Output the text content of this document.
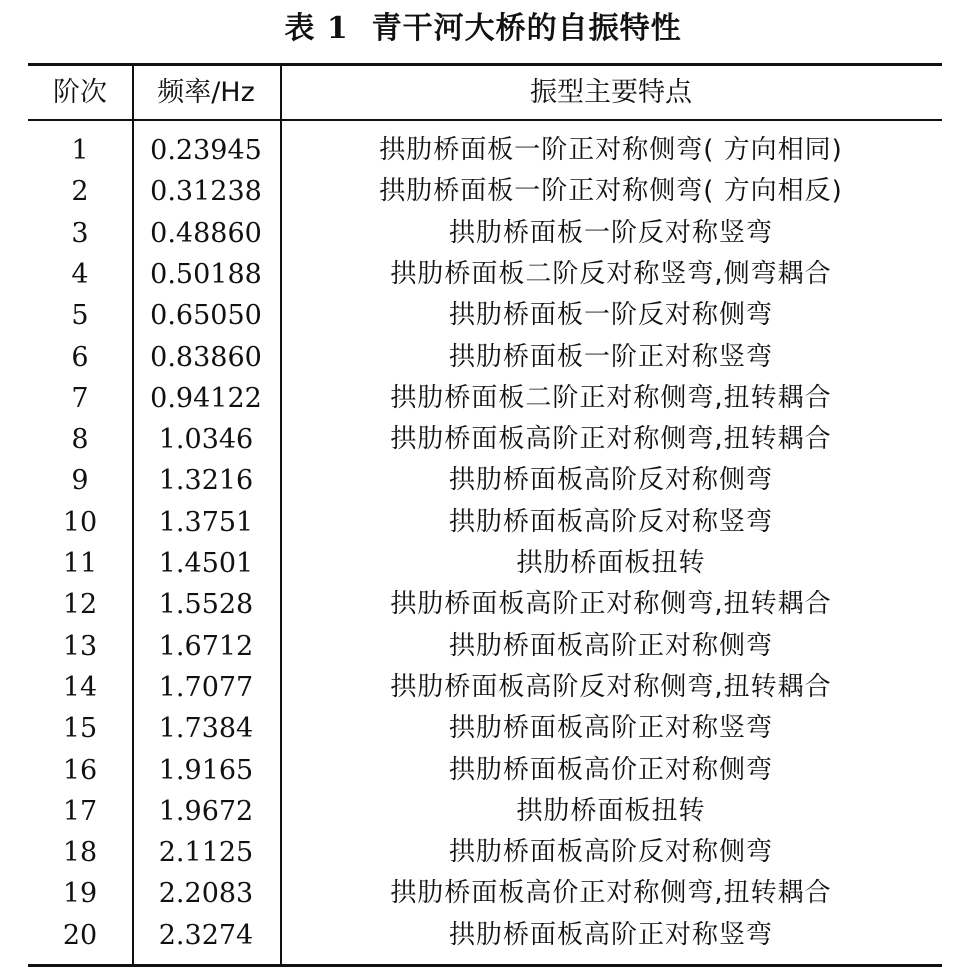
表 1 青干河大桥的自振特性
阶次	频率/Hz	振型主要特点
1	0.23945	拱肋桥面板一阶正对称侧弯( 方向相同)
2	0.31238	拱肋桥面板一阶正对称侧弯( 方向相反)
3	0.48860	拱肋桥面板一阶反对称竖弯
4	0.50188	拱肋桥面板二阶反对称竖弯,侧弯耦合
5	0.65050	拱肋桥面板一阶反对称侧弯
6	0.83860	拱肋桥面板一阶正对称竖弯
7	0.94122	拱肋桥面板二阶正对称侧弯,扭转耦合
8	1.0346	拱肋桥面板高阶正对称侧弯,扭转耦合
9	1.3216	拱肋桥面板高阶反对称侧弯
10	1.3751	拱肋桥面板高阶反对称竖弯
11	1.4501	拱肋桥面板扭转
12	1.5528	拱肋桥面板高阶正对称侧弯,扭转耦合
13	1.6712	拱肋桥面板高阶正对称侧弯
14	1.7077	拱肋桥面板高阶反对称侧弯,扭转耦合
15	1.7384	拱肋桥面板高阶正对称竖弯
16	1.9165	拱肋桥面板高价正对称侧弯
17	1.9672	拱肋桥面板扭转
18	2.1125	拱肋桥面板高阶反对称侧弯
19	2.2083	拱肋桥面板高价正对称侧弯,扭转耦合
20	2.3274	拱肋桥面板高阶正对称竖弯
